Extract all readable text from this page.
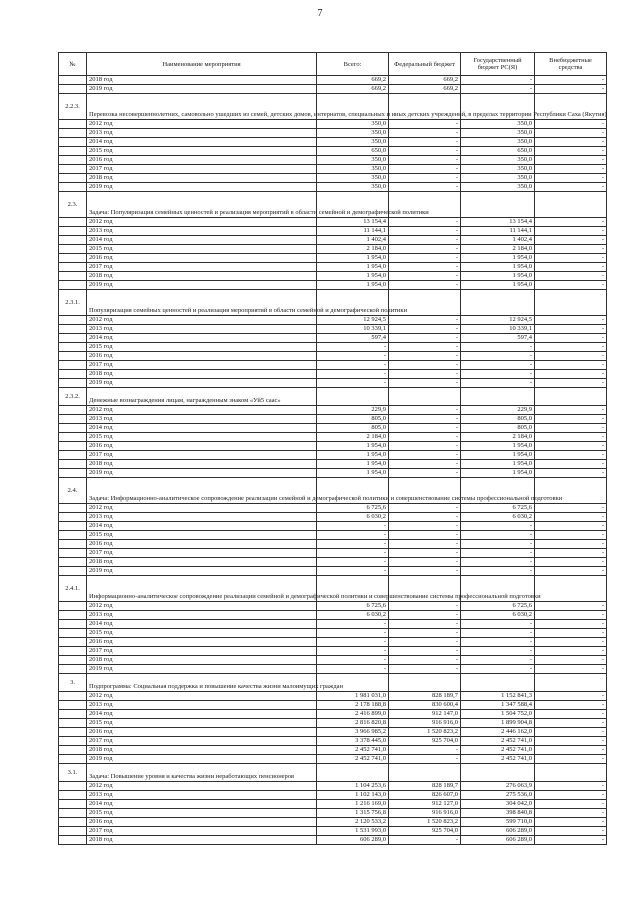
7
№	Наименование мероприятия	Всего:	Федеральный бюджет	Государственный бюджет РС(Я)	Внебюджетные средства
	2018 год	669,2	669,2	-	-
	2019 год	669,2	669,2	-	-
2.2.3.	Перевозка несовершеннолетних, самовольно ушедших из семей, детских домов, интернатов, специальных и иных детских учреждений, в пределах территории Республики Саха (Якутия)				
	2012 год	350,0	-	350,0	-
	2013 год	350,0	-	350,0	-
	2014 год	350,0	-	350,0	-
	2015 год	650,0	-	650,0	-
	2016 год	350,0	-	350,0	-
	2017 год	350,0	-	350,0	-
	2018 год	350,0	-	350,0	-
	2019 год	350,0	-	350,0	-
2.3.	Задача: Популяризация семейных ценностей и реализация мероприятий в области семейной и демографической политики				
	2012 год	13 154,4	-	13 154,4	-
	2013 год	11 144,1	-	11 144,1	-
	2014 год	1 402,4	-	1 402,4	-
	2015 год	2 184,0	-	2 184,0	-
	2016 год	1 954,0	-	1 954,0	-
	2017 год	1 954,0	-	1 954,0	-
	2018 год	1 954,0	-	1 954,0	-
	2019 год	1 954,0	-	1 954,0	-
2.3.1.	Популяризация семейных ценностей и реализация мероприятий в области семейной и демографической политики				
	2012 год	12 924,5	-	12 924,5	-
	2013 год	10 339,1	-	10 339,1	-
	2014 год	597,4	-	597,4	-
	2015 год	-	-	-	-
	2016 год	-	-	-	-
	2017 год	-	-	-	-
	2018 год	-	-	-	-
	2019 год	-	-	-	-
2.3.2.	Денежные вознаграждения лицам, награжденным знаком «Уй5 саас»				
	2012 год	229,9	-	229,9	-
	2013 год	805,0	-	805,0	-
	2014 год	805,0	-	805,0	-
	2015 год	2 184,0	-	2 184,0	-
	2016 год	1 954,0	-	1 954,0	-
	2017 год	1 954,0	-	1 954,0	-
	2018 год	1 954,0	-	1 954,0	-
	2019 год	1 954,0	-	1 954,0	-
2.4.	Задача: Информационно-аналитическое сопровождение реализации семейной и демографической политики и совершенствование системы профессиональной подготовки				
	2012 год	6 725,6	-	6 725,6	-
	2013 год	6 030,2	-	6 030,2	-
	2014 год	-	-	-	-
	2015 год	-	-	-	-
	2016 год	-	-	-	-
	2017 год	-	-	-	-
	2018 год	-	-	-	-
	2019 год	-	-	-	-
2.4.1.	Информационно-аналитическое сопровождение реализации семейной и демографической политики и совершенствование системы профессиональной подготовки				
	2012 год	6 725,6	-	6 725,6	-
	2013 год	6 030,2	-	6 030,2	-
	2014 год	-	-	-	-
	2015 год	-	-	-	-
	2016 год	-	-	-	-
	2017 год	-	-	-	-
	2018 год	-	-	-	-
	2019 год	-	-	-	-
3.	Подпрограмма: Социальная поддержка и повышение качества жизни малоимущих граждан				
	2012 год	1 981 031,0	828 189,7	1 152 841,3	-
	2013 год	2 178 188,8	830 600,4	1 347 588,4	-
	2014 год	2 416 899,0	912 147,0	1 504 752,0	-
	2015 год	2 816 820,8	916 916,0	1 899 904,8	-
	2016 год	3 966 985,2	1 520 823,2	2 446 162,0	-
	2017 год	3 378 445,0	925 704,0	2 452 741,0	-
	2018 год	2 452 741,0	-	2 452 741,0	-
	2019 год	2 452 741,0	-	2 452 741,0	-
3.1.	Задача: Повышение уровня и качества жизни неработающих пенсионеров				
	2012 год	1 104 253,6	828 189,7	276 063,9	-
	2013 год	1 102 143,0	826 607,0	275 536,0	-
	2014 год	1 216 169,0	912 127,0	304 042,0	-
	2015 год	1 315 756,8	916 916,0	398 840,8	-
	2016 год	2 120 533,2	1 520 823,2	599 710,0	-
	2017 год	1 531 993,0	925 704,0	606 289,0	-
	2018 год	606 289,0	-	606 289,0	-
